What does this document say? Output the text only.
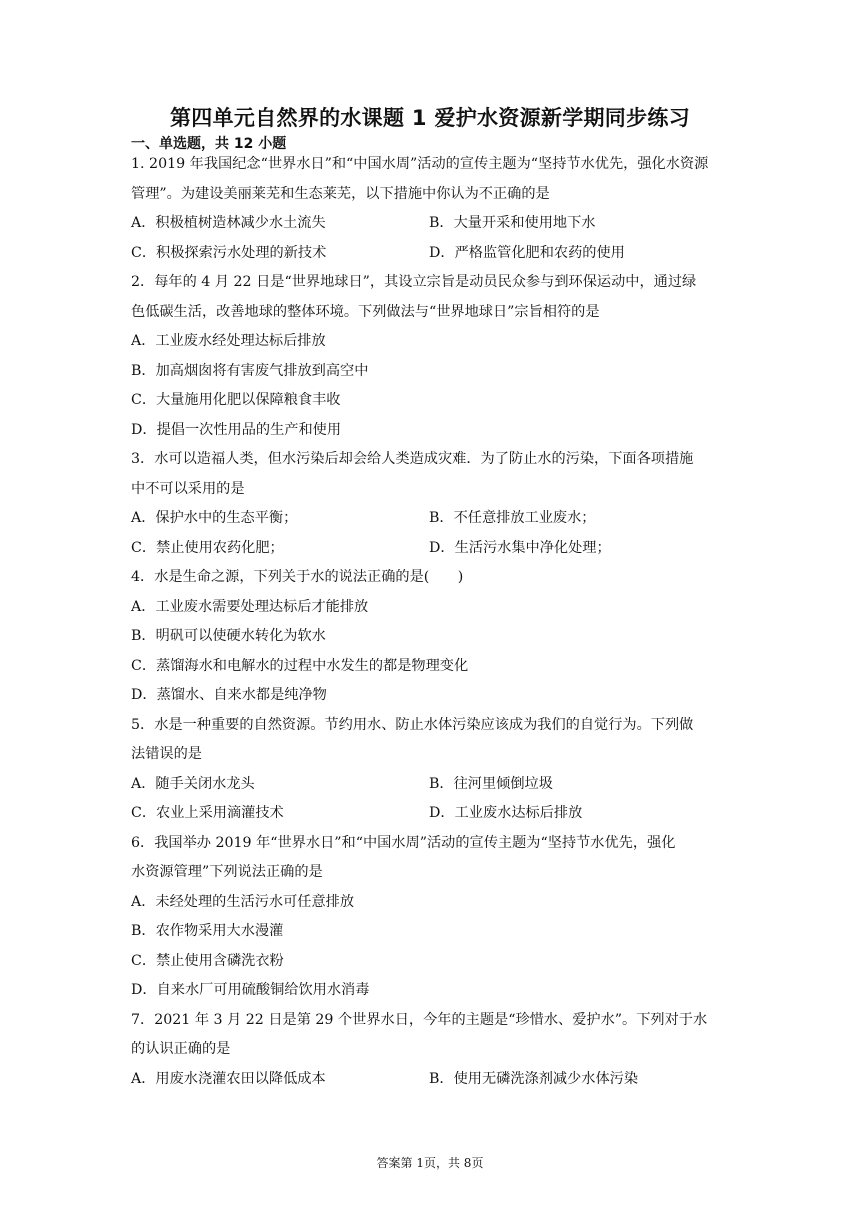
第四单元自然界的水课题 1 爱护水资源新学期同步练习
一、单选题，共 12 小题
1. 2019 年我国纪念“世界水日”和“中国水周”活动的宣传主题为“坚持节水优先，强化水资源
管理”。为建设美丽莱芜和生态莱芜，以下措施中你认为不正确的是
A．积极植树造林减少水土流失	B．大量开采和使用地下水
C．积极探索污水处理的新技术	D．严格监管化肥和农药的使用
2．每年的 4 月 22 日是“世界地球日”，其设立宗旨是动员民众参与到环保运动中，通过绿
色低碳生活，改善地球的整体环境。下列做法与“世界地球日”宗旨相符的是
A．工业废水经处理达标后排放
B．加高烟囱将有害废气排放到高空中
C．大量施用化肥以保障粮食丰收
D．提倡一次性用品的生产和使用
3．水可以造福人类，但水污染后却会给人类造成灾难．为了防止水的污染，下面各项措施
中不可以采用的是
A．保护水中的生态平衡；	B．不任意排放工业废水；
C．禁止使用农药化肥；	D．生活污水集中净化处理；
4．水是生命之源，下列关于水的说法正确的是(　　)
A．工业废水需要处理达标后才能排放
B．明矾可以使硬水转化为软水
C．蒸馏海水和电解水的过程中水发生的都是物理变化
D．蒸馏水、自来水都是纯净物
5．水是一种重要的自然资源。节约用水、防止水体污染应该成为我们的自觉行为。下列做
法错误的是
A．随手关闭水龙头	B．往河里倾倒垃圾
C．农业上采用滴灌技术	D．工业废水达标后排放
6．我国举办 2019 年“世界水日”和“中国水周”活动的宣传主题为“坚持节水优先，强化
水资源管理”下列说法正确的是
A．未经处理的生活污水可任意排放
B．农作物采用大水漫灌
C．禁止使用含磷洗衣粉
D．自来水厂可用硫酸铜给饮用水消毒
7．2021 年 3 月 22 日是第 29 个世界水日，今年的主题是“珍惜水、爱护水”。下列对于水
的认识正确的是
A．用废水浇灌农田以降低成本	B．使用无磷洗涤剂减少水体污染
答案第 1页，共 8页
